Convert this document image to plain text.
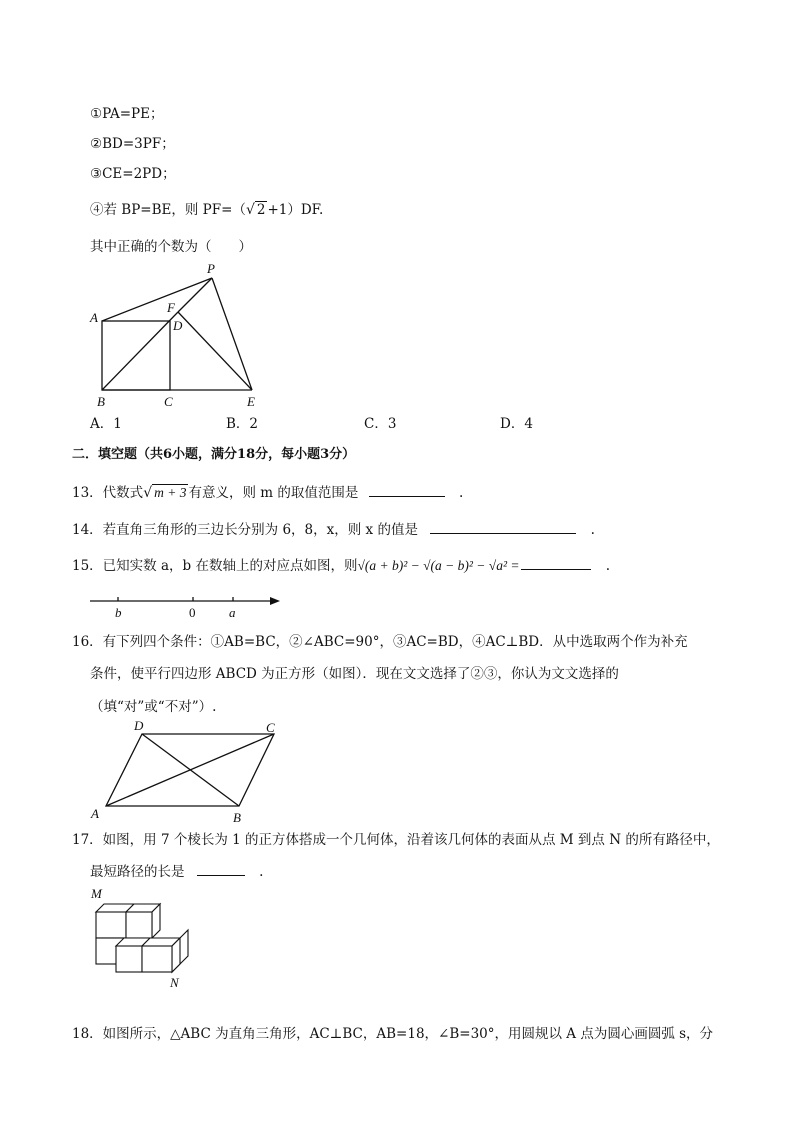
①PA=PE；
②BD=3PF；
③CE=2PD；
④若 BP=BE，则 PF=（√ 2 +1）DF.
其中正确的个数为（　　）
P
A
F
D
B	C	E
A．1	B．2	C．3	D．4
二．填空题（共6小题，满分18分，每小题3分）
13．代数式√ m + 3 有意义，则 m 的取值范围是	.
14．若直角三角形的三边长分别为 6，8，x，则 x 的值是	.
15．已知实数 a，b 在数轴上的对应点如图，则√(a + b)² − √(a − b)² − √a² =	.
b	0	a
16．有下列四个条件：①AB=BC，②∠ABC=90°，③AC=BD，④AC⊥BD．从中选取两个作为补充
条件，使平行四边形 ABCD 为正方形（如图）．现在文文选择了②③，你认为文文选择的
（填“对”或“不对”）.
D	C
A	B
17．如图，用 7 个棱长为 1 的正方体搭成一个几何体，沿着该几何体的表面从点 M 到点 N 的所有路径中，
最短路径的长是	.
M
N
18．如图所示，△ABC 为直角三角形，AC⊥BC，AB=18，∠B=30°，用圆规以 A 点为圆心画圆弧 s，分
